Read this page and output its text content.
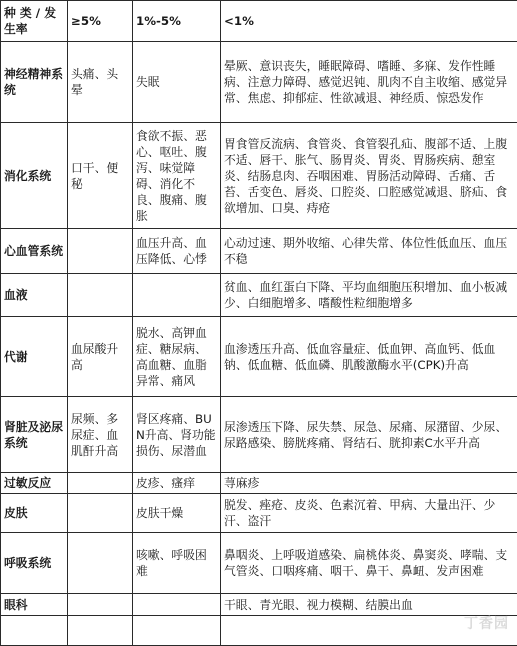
种 类 / 发生率	≥5%	1%-5%	<1%
神经精神系统	头痛、头晕	失眠	晕厥、意识丧失，睡眠障碍、嗜睡、多寐、发作性睡病、注意力障碍、感觉迟钝、肌肉不自主收缩、感觉异常、焦虑、抑郁症、性欲减退、神经质、惊恐发作
消化系统	口干、便秘	食欲不振、恶心、呕吐、腹泻、味觉障碍、消化不良、腹痛、腹胀	胃食管反流病、食管炎、食管裂孔疝、腹部不适、上腹不适、唇干、胀气、肠胃炎、胃炎、胃肠疾病、憩室炎、结肠息肉、吞咽困难、胃肠活动障碍、舌痛、舌苔、舌变色、唇炎、口腔炎、口腔感觉减退、脐疝、食欲增加、口臭、痔疮
心血管系统		血压升高、血压降低、心悸	心动过速、期外收缩、心律失常、体位性低血压、血压不稳
血液			贫血、血红蛋白下降、平均血细胞压积增加、血小板减少、白细胞增多、嗜酸性粒细胞增多
代谢	血尿酸升高	脱水、高钾血症、糖尿病、高血糖、血脂异常、痛风	血渗透压升高、低血容量症、低血钾、高血钙、低血钠、低血糖、低血磷、肌酸激酶水平(CPK)升高
肾脏及泌尿系统	尿频、多尿症、血肌酐升高	肾区疼痛、BUN升高、肾功能损伤、尿潜血	尿渗透压下降、尿失禁、尿急、尿痛、尿潴留、少尿、尿路感染、膀胱疼痛、肾结石、胱抑素C水平升高
过敏反应		皮疹、瘙痒	荨麻疹
皮肤		皮肤干燥	脱发、痤疮、皮炎、色素沉着、甲病、大量出汗、少汗、盗汗
呼吸系统		咳嗽、呼吸困难	鼻咽炎、上呼吸道感染、扁桃体炎、鼻窦炎、哮喘、支气管炎、口咽疼痛、咽干、鼻干、鼻衄、发声困难
眼科			干眼、青光眼、视力模糊、结膜出血

丁香园
